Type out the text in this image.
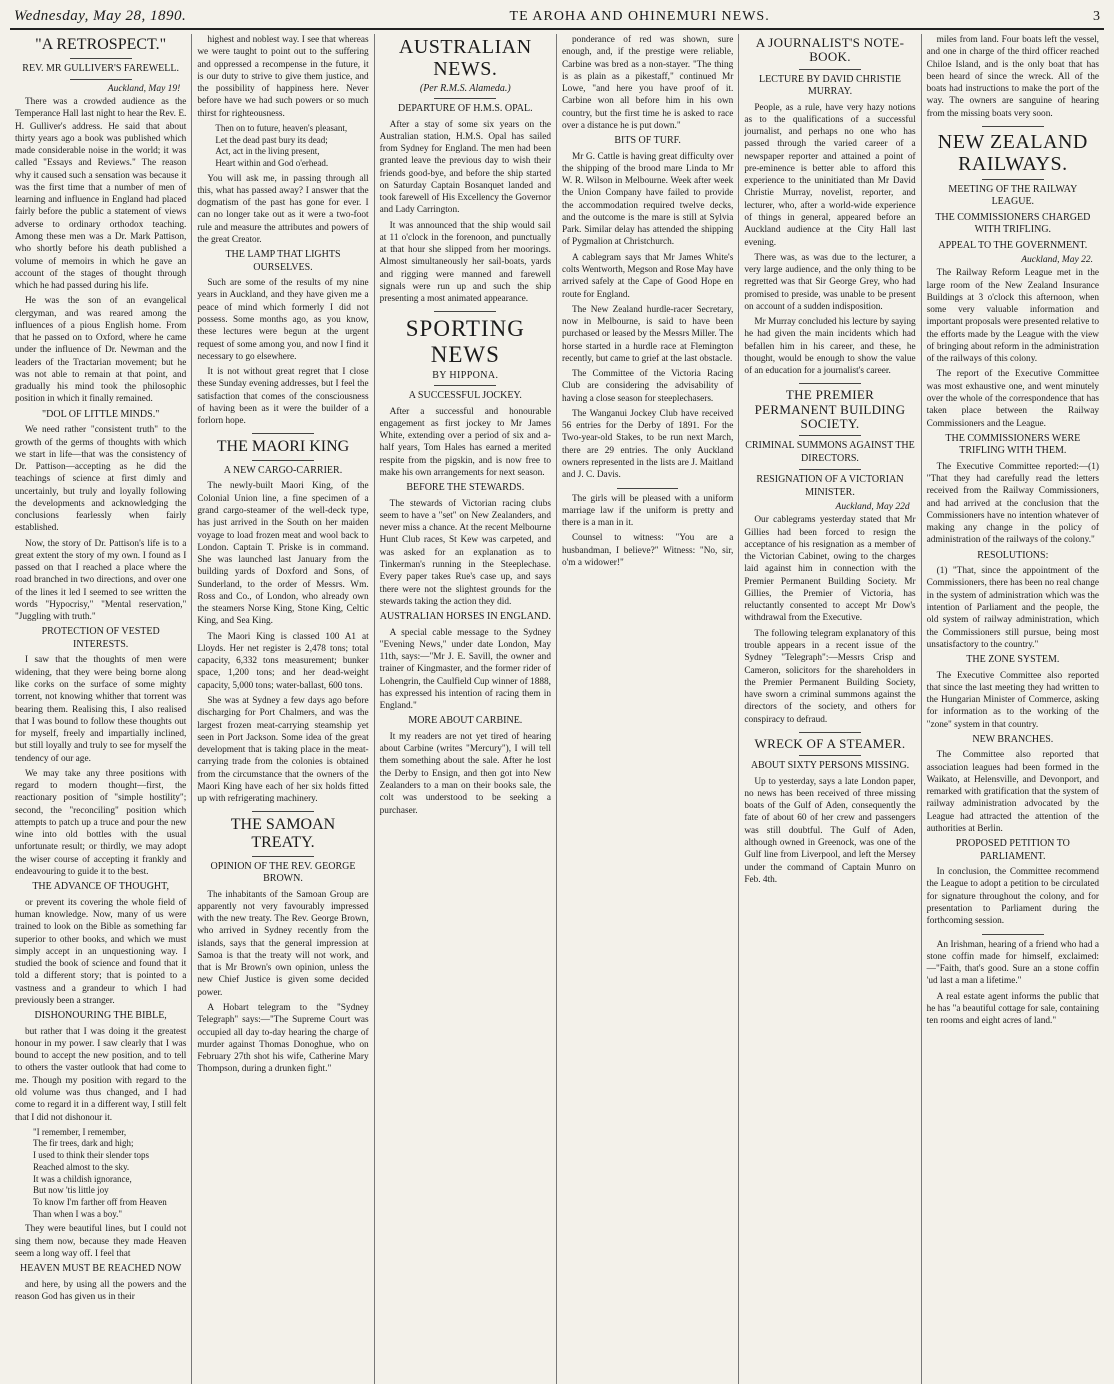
Wednesday, May 28, 1890.	TE AROHA AND OHINEMURI NEWS.	3
"A RETROSPECT."
REV. MR GULLIVER'S FAREWELL.
Auckland, May 19!

There was a crowded audience as the Temperance Hall last night to hear the Rev. E. H. Gulliver's address. He said that about thirty years ago a book was published which made considerable noise in the world; it was called "Essays and Reviews." The reason why it caused such a sensation was because it was the first time that a number of men of learning and influence in England had placed fairly before the public a statement of views adverse to ordinary orthodox teaching. Among these men was a Dr. Mark Pattison, who shortly before his death published a volume of memoirs in which he gave an account of the stages of thought through which he had passed during his life.

He was the son of an evangelical clergyman, and was reared among the influences of a pious English home. From that he passed on to Oxford, where he came under the influence of Dr. Newman and the leaders of the Tractarian movement; but he was not able to remain at that point, and gradually his mind took the philosophic position in which it finally remained.

"DOL OF LITTLE MINDS."

We need rather "consistent truth" to the growth of the germs of thoughts with which we start in life—that was the consistency of Dr. Pattison—accepting as he did the teachings of science at first dimly and uncertainly, but truly and loyally following the developments and acknowledging the conclusions fearlessly when fairly established.

Now, the story of Dr. Pattison's life is to a great extent the story of my own. I found as I passed on that I reached a place where the road branched in two directions, and over one of the lines it led I seemed to see written the words "Hypocrisy," "Mental reservation," "Juggling with truth."

PROTECTION OF VESTED INTERESTS.

I saw that the thoughts of men were widening, that they were being borne along like corks on the surface of some mighty torrent, not knowing whither that torrent was bearing them. Realising this, I also realised that I was bound to follow these thoughts out for myself, freely and impartially inclined, but still loyally and truly to see for myself the tendency of our age.

We may take any three positions with regard to modern thought—first, the reactionary position of "simple hostility"; second, the "reconciling" position which attempts to patch up a truce and pour the new wine into old bottles with the usual unfortunate result; or thirdly, we may adopt the wiser course of accepting it frankly and endeavouring to guide it to the best.

THE ADVANCE OF THOUGHT,

or prevent its covering the whole field of human knowledge. Now, many of us were trained to look on the Bible as something far superior to other books, and which we must simply accept in an unquestioning way. I studied the book of science and found that it told a different story; that is pointed to a vastness and a grandeur to which I had previously been a stranger.

DISHONOURING THE BIBLE,

but rather that I was doing it the greatest honour in my power. I saw clearly that I was bound to accept the new position, and to tell to others the vaster outlook that had come to me. Though my position with regard to the old volume was thus changed, and I had come to regard it in a different way, I still felt that I did not dishonour it.

"I remember, I remember,
The fir trees, dark and high;
I used to think their slender tops
Reached almost to the sky.
It was a childish ignorance,
But now 'tis little joy
To know I'm farther off from Heaven
Than when I was a boy."

They were beautiful lines, but I could not sing them now, because they made Heaven seem a long way off. I feel that

HEAVEN MUST BE REACHED NOW

and here, by using all the powers and the reason God has given us in their

highest and noblest way. I see that whereas we were taught to point out to the suffering and oppressed a recompense in the future, it is our duty to strive to give them justice, and the possibility of happiness here. Never before have we had such powers or so much thirst for righteousness.

Then on to future, heaven's pleasant,
Let the dead past bury its dead;
Act, act in the living present,
Heart within and God o'erhead.

You will ask me, in passing through all this, what has passed away? I answer that the dogmatism of the past has gone for ever. I can no longer take out as it were a two-foot rule and measure the attributes and powers of the great Creator.

THE LAMP THAT LIGHTS OURSELVES.

Such are some of the results of my nine years in Auckland, and they have given me a peace of mind which formerly I did not possess. Some months ago, as you know, these lectures were begun at the urgent request of some among you, and now I find it necessary to go elsewhere.

It is not without great regret that I close these Sunday evening addresses, but I feel the satisfaction that comes of the consciousness of having been as it were the builder of a forlorn hope.

THE MAORI KING
A NEW CARGO-CARRIER.

The newly-built Maori King, of the Colonial Union line, a fine specimen of a grand cargo-steamer of the well-deck type, has just arrived in the South on her maiden voyage to load frozen meat and wool back to London. Captain T. Priske is in command. She was launched last January from the building yards of Doxford and Sons, of Sunderland, to the order of Messrs. Wm. Ross and Co., of London, who already own the steamers Norse King, Stone King, Celtic King, and Sea King.

The Maori King is classed 100 A1 at Lloyds. Her net register is 2,478 tons; total capacity, 6,332 tons measurement; bunker space, 1,200 tons; and her dead-weight capacity, 5,000 tons; water-ballast, 600 tons.

She was at Sydney a few days ago before discharging for Port Chalmers, and was the largest frozen meat-carrying steamship yet seen in Port Jackson. Some idea of the great development that is taking place in the meat-carrying trade from the colonies is obtained from the circumstance that the owners of the Maori King have each of her six holds fitted up with refrigerating machinery.

THE SAMOAN TREATY.
OPINION OF THE REV. GEORGE BROWN.

The inhabitants of the Samoan Group are apparently not very favourably impressed with the new treaty. The Rev. George Brown, who arrived in Sydney recently from the islands, says that the general impression at Samoa is that the treaty will not work, and that is Mr Brown's own opinion, unless the new Chief Justice is given some decided power.

A Hobart telegram to the "Sydney Telegraph" says:—"The Supreme Court was occupied all day to-day hearing the charge of murder against Thomas Donoghue, who on February 27th shot his wife, Catherine Mary Thompson, during a drunken fight."

AUSTRALIAN NEWS.
(Per R.M.S. Alameda.)
DEPARTURE OF H.M.S. OPAL.

After a stay of some six years on the Australian station, H.M.S. Opal has sailed from Sydney for England. The men had been granted leave the previous day to wish their friends good-bye, and before the ship started on Saturday Captain Bosanquet landed and took farewell of His Excellency the Governor and Lady Carrington.

It was announced that the ship would sail at 11 o'clock in the forenoon, and punctually at that hour she slipped from her moorings. Almost simultaneously her sail-boats, yards and rigging were manned and farewell signals were run up and such the ship presenting a most animated appearance.

SPORTING NEWS
BY HIPPONA.
A SUCCESSFUL JOCKEY.

After a successful and honourable engagement as first jockey to Mr James White, extending over a period of six and a-half years, Tom Hales has earned a merited respite from the pigskin, and is now free to make his own arrangements for next season.

BEFORE THE STEWARDS.

The stewards of Victorian racing clubs seem to have a "set" on New Zealanders, and never miss a chance. At the recent Melbourne Hunt Club races, St Kew was carpeted, and was asked for an explanation as to Tinkerman's running in the Steeplechase. Every paper takes Rue's case up, and says there were not the slightest grounds for the stewards taking the action they did.

AUSTRALIAN HORSES IN ENGLAND.

A special cable message to the Sydney "Evening News," under date London, May 11th, says:—"Mr J. E. Savill, the owner and trainer of Kingmaster, and the former rider of Lohengrin, the Caulfield Cup winner of 1888, has expressed his intention of racing them in England."

MORE ABOUT CARBINE.

It my readers are not yet tired of hearing about Carbine (writes "Mercury"), I will tell them something about the sale. After he lost the Derby to Ensign, and then got into New Zealanders to a man on their books sale, the colt was understood to be seeking a purchaser.

ponderance of red was shown, sure enough, and, if the prestige were reliable, Carbine was bred as a non-stayer. "The thing is as plain as a pikestaff," continued Mr Lowe, "and here you have proof of it. Carbine won all before him in his own country, but the first time he is asked to race over a distance he is put down."

BITS OF TURF.

Mr G. Cattle is having great difficulty over the shipping of the brood mare Linda to Mr W. R. Wilson in Melbourne. Week after week the Union Company have failed to provide the accommodation required twelve decks, and the outcome is the mare is still at Sylvia Park. Similar delay has attended the shipping of Pygmalion at Christchurch.

A cablegram says that Mr James White's colts Wentworth, Megson and Rose May have arrived safely at the Cape of Good Hope en route for England.

The New Zealand hurdle-racer Secretary, now in Melbourne, is said to have been purchased or leased by the Messrs Miller. The horse started in a hurdle race at Flemington recently, but came to grief at the last obstacle.

The Committee of the Victoria Racing Club are considering the advisability of having a close season for steeplechasers.

The Wanganui Jockey Club have received 56 entries for the Derby of 1891. For the Two-year-old Stakes, to be run next March, there are 29 entries. The only Auckland owners represented in the lists are J. Maitland and J. C. Davis.

The girls will be pleased with a uniform marriage law if the uniform is pretty and there is a man in it.

Counsel to witness: "You are a husbandman, I believe?" Witness: "No, sir, o'm a widower!"

A JOURNALIST'S NOTE-BOOK.
LECTURE BY DAVID CHRISTIE MURRAY.

People, as a rule, have very hazy notions as to the qualifications of a successful journalist, and perhaps no one who has passed through the varied career of a newspaper reporter and attained a point of pre-eminence is better able to afford this experience to the uninitiated than Mr David Christie Murray, novelist, reporter, and lecturer, who, after a world-wide experience of things in general, appeared before an Auckland audience at the City Hall last evening.

There was, as was due to the lecturer, a very large audience, and the only thing to be regretted was that Sir George Grey, who had promised to preside, was unable to be present on account of a sudden indisposition.

Mr Murray concluded his lecture by saying he had given the main incidents which had befallen him in his career, and these, he thought, would be enough to show the value of an education for a journalist's career.

THE PREMIER PERMANENT BUILDING SOCIETY.
CRIMINAL SUMMONS AGAINST THE DIRECTORS.
RESIGNATION OF A VICTORIAN MINISTER.
Auckland, May 22d

Our cablegrams yesterday stated that Mr Gillies had been forced to resign the acceptance of his resignation as a member of the Victorian Cabinet, owing to the charges laid against him in connection with the Premier Permanent Building Society. Mr Gillies, the Premier of Victoria, has reluctantly consented to accept Mr Dow's withdrawal from the Executive.

The following telegram explanatory of this trouble appears in a recent issue of the Sydney "Telegraph":—Messrs Crisp and Cameron, solicitors for the shareholders in the Premier Permanent Building Society, have sworn a criminal summons against the directors of the society, and others for conspiracy to defraud.

WRECK OF A STEAMER.
ABOUT SIXTY PERSONS MISSING.

Up to yesterday, says a late London paper, no news has been received of three missing boats of the Gulf of Aden, consequently the fate of about 60 of her crew and passengers was still doubtful. The Gulf of Aden, although owned in Greenock, was one of the Gulf line from Liverpool, and left the Mersey under the command of Captain Munro on Feb. 4th.

miles from land. Four boats left the vessel, and one in charge of the third officer reached Chiloe Island, and is the only boat that has been heard of since the wreck. All of the boats had instructions to make the port of the way. The owners are sanguine of hearing from the missing boats very soon.

NEW ZEALAND RAILWAYS.
MEETING OF THE RAILWAY LEAGUE.
THE COMMISSIONERS CHARGED WITH TRIFLING.
APPEAL TO THE GOVERNMENT.
Auckland, May 22.

The Railway Reform League met in the large room of the New Zealand Insurance Buildings at 3 o'clock this afternoon, when some very valuable information and important proposals were presented relative to the efforts made by the League with the view of bringing about reform in the administration of the railways of this colony.

The report of the Executive Committee was most exhaustive one, and went minutely over the whole of the correspondence that has taken place between the Railway Commissioners and the League.

THE COMMISSIONERS WERE TRIFLING WITH THEM.

The Executive Committee reported:—(1) "That they had carefully read the letters received from the Railway Commissioners, and had arrived at the conclusion that the Commissioners have no intention whatever of making any change in the policy of administration of the railways of the colony."

RESOLUTIONS:

(1) "That, since the appointment of the Commissioners, there has been no real change in the system of administration which was the intention of Parliament and the people, the old system of railway administration, which the Commissioners still pursue, being most unsatisfactory to the country."

THE ZONE SYSTEM.

The Executive Committee also reported that since the last meeting they had written to the Hungarian Minister of Commerce, asking for information as to the working of the "zone" system in that country.

NEW BRANCHES.

The Committee also reported that association leagues had been formed in the Waikato, at Helensville, and Devonport, and remarked with gratification that the system of railway administration advocated by the League had attracted the attention of the authorities at Berlin.

PROPOSED PETITION TO PARLIAMENT.

In conclusion, the Committee recommend the League to adopt a petition to be circulated for signature throughout the colony, and for presentation to Parliament during the forthcoming session.

An Irishman, hearing of a friend who had a stone coffin made for himself, exclaimed:—"Faith, that's good. Sure an a stone coffin 'ud last a man a lifetime."

A real estate agent informs the public that he has "a beautiful cottage for sale, containing ten rooms and eight acres of land."
